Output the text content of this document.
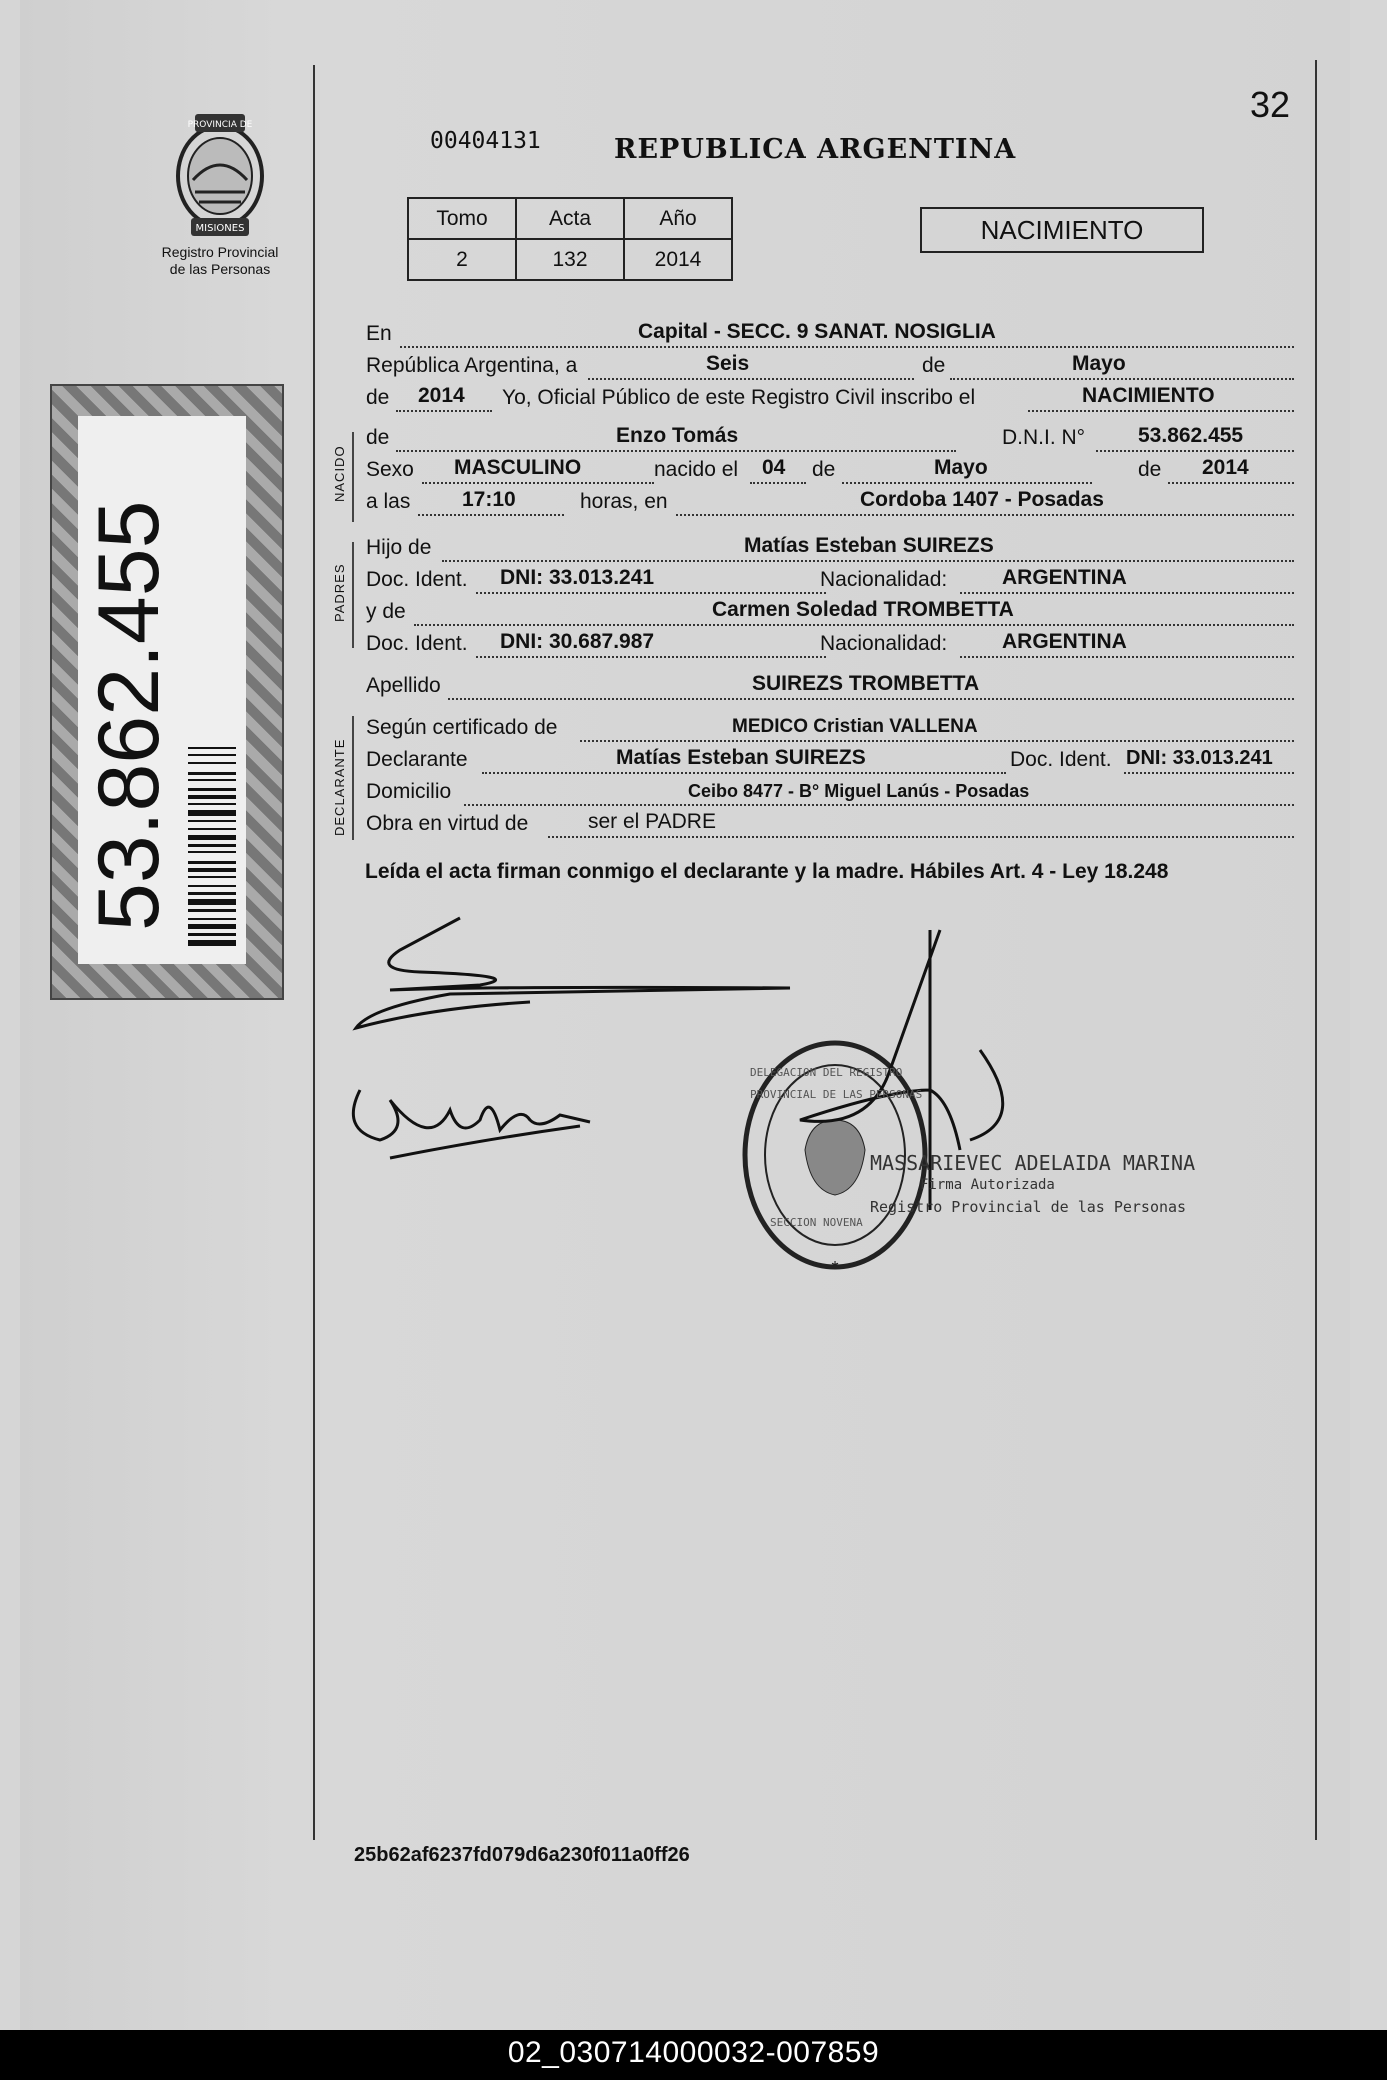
32
00404131	REPUBLICA ARGENTINA
PROVINCIA DE
MISIONES
Registro Provincial
de las Personas
Tomo	Acta	Año
2	132	2014
NACIMIENTO
53.862.455
NACIDO
PADRES
DECLARANTE
En	Capital - SECC. 9 SANAT. NOSIGLIA
República Argentina, a	Seis	de	Mayo
de 2014 Yo, Oficial Público de este Registro Civil inscribo el	NACIMIENTO
de	Enzo Tomás	D.N.I. N°	53.862.455
Sexo MASCULINO	nacido el 04 de	Mayo	de 2014
a las 17:10	horas, en	Cordoba 1407 - Posadas
Hijo de	Matías Esteban SUIREZS
Doc. Ident. DNI: 33.013.241	Nacionalidad:	ARGENTINA
y de	Carmen Soledad TROMBETTA
Doc. Ident. DNI: 30.687.987	Nacionalidad:	ARGENTINA
Apellido	SUIREZS TROMBETTA
Según certificado de	MEDICO Cristian VALLENA
Declarante	Matías Esteban SUIREZS	Doc. Ident. DNI: 33.013.241
Domicilio	Ceibo 8477 - B° Miguel Lanús - Posadas
Obra en virtud de	ser el PADRE
Leída el acta firman conmigo el declarante y la madre. Hábiles Art. 4 - Ley 18.248
*
DELEGACION DEL REGISTRO PROVINCIAL DE LAS PERSONAS
SECCION NOVENA
MASSARIEVEC ADELAIDA MARINA
Firma Autorizada
Registro Provincial de las Personas
25b62af6237fd079d6a230f011a0ff26
02_030714000032-007859
